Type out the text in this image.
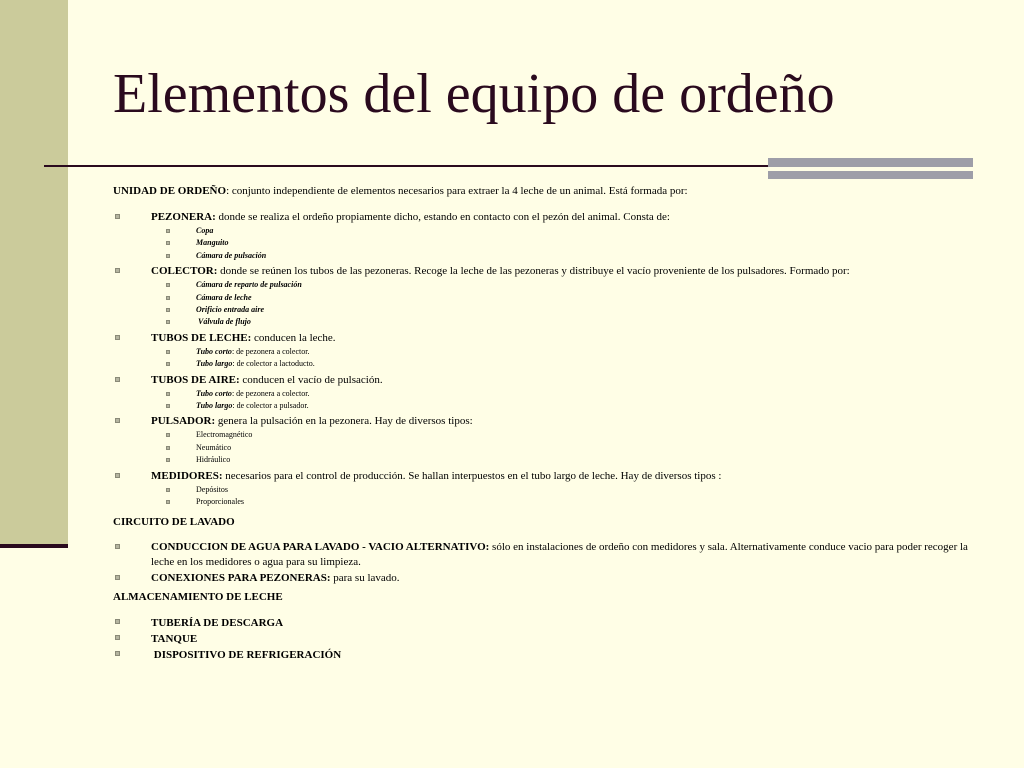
Elementos del equipo de ordeño

UNIDAD DE ORDEÑO: conjunto independiente de elementos necesarios para extraer la 4 leche de un animal. Está formada por:

PEZONERA: donde se realiza el ordeño propiamente dicho, estando en contacto con el pezón del animal. Consta de:
Copa
Manguito
Cámara de pulsación
COLECTOR: donde se reúnen los tubos de las pezoneras. Recoge la leche de las pezoneras y distribuye el vacío proveniente de los pulsadores. Formado por:
Cámara de reparto de pulsación
Cámara de leche
Orificio entrada aire
Válvula de flujo
TUBOS DE LECHE: conducen la leche.
Tubo corto: de pezonera a colector.
Tubo largo: de colector a lactoducto.
TUBOS DE AIRE: conducen el vacío de pulsación.
Tubo corto: de pezonera a colector.
Tubo largo: de colector a pulsador.
PULSADOR: genera la pulsación en la pezonera. Hay de diversos tipos:
Electromagnético
Neumático
Hidráulico
MEDIDORES: necesarios para el control de producción. Se hallan interpuestos en el tubo largo de leche. Hay de diversos tipos :
Depósitos
Proporcionales

CIRCUITO DE LAVADO

CONDUCCION DE AGUA PARA LAVADO - VACIO ALTERNATIVO: sólo en instalaciones de ordeño con medidores y sala. Alternativamente conduce vacio para poder recoger la leche en los medidores o agua para su limpieza.
CONEXIONES PARA PEZONERAS: para su lavado.

ALMACENAMIENTO DE LECHE

TUBERÍA DE DESCARGA
TANQUE
DISPOSITIVO DE REFRIGERACIÓN
